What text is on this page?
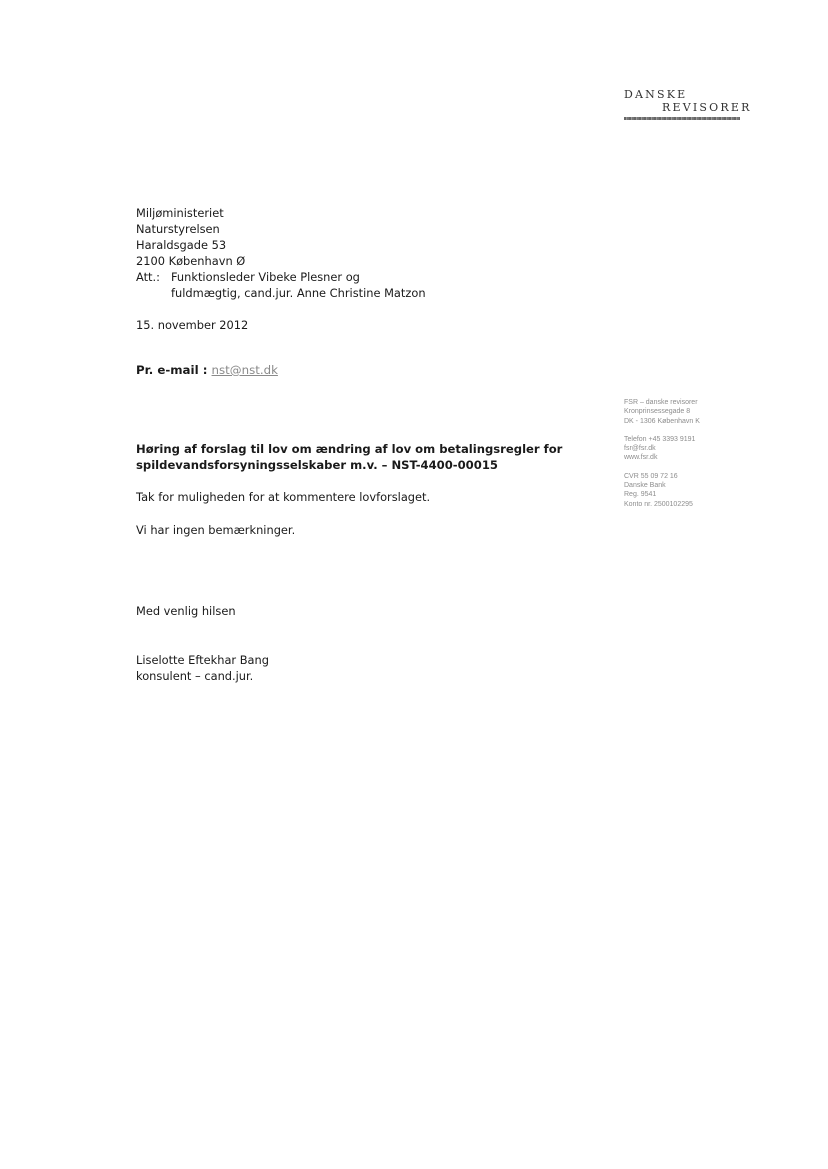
DANSKE
REVISORER
Miljøministeriet
Naturstyrelsen
Haraldsgade 53
2100 København Ø
Att.: Funktionsleder Vibeke Plesner og
fuldmægtig, cand.jur. Anne Christine Matzon
15. november 2012
Pr. e-mail : nst@nst.dk
Høring af forslag til lov om ændring af lov om betalingsregler for
spildevandsforsyningsselskaber m.v. – NST-4400-00015
Tak for muligheden for at kommentere lovforslaget.
Vi har ingen bemærkninger.
Med venlig hilsen
Liselotte Eftekhar Bang
konsulent – cand.jur.
FSR – danske revisorer
Kronprinsessegade 8
DK - 1306 København K
Telefon +45 3393 9191
fsr@fsr.dk
www.fsr.dk
CVR 55 09 72 16
Danske Bank
Reg. 9541
Konto nr. 2500102295
